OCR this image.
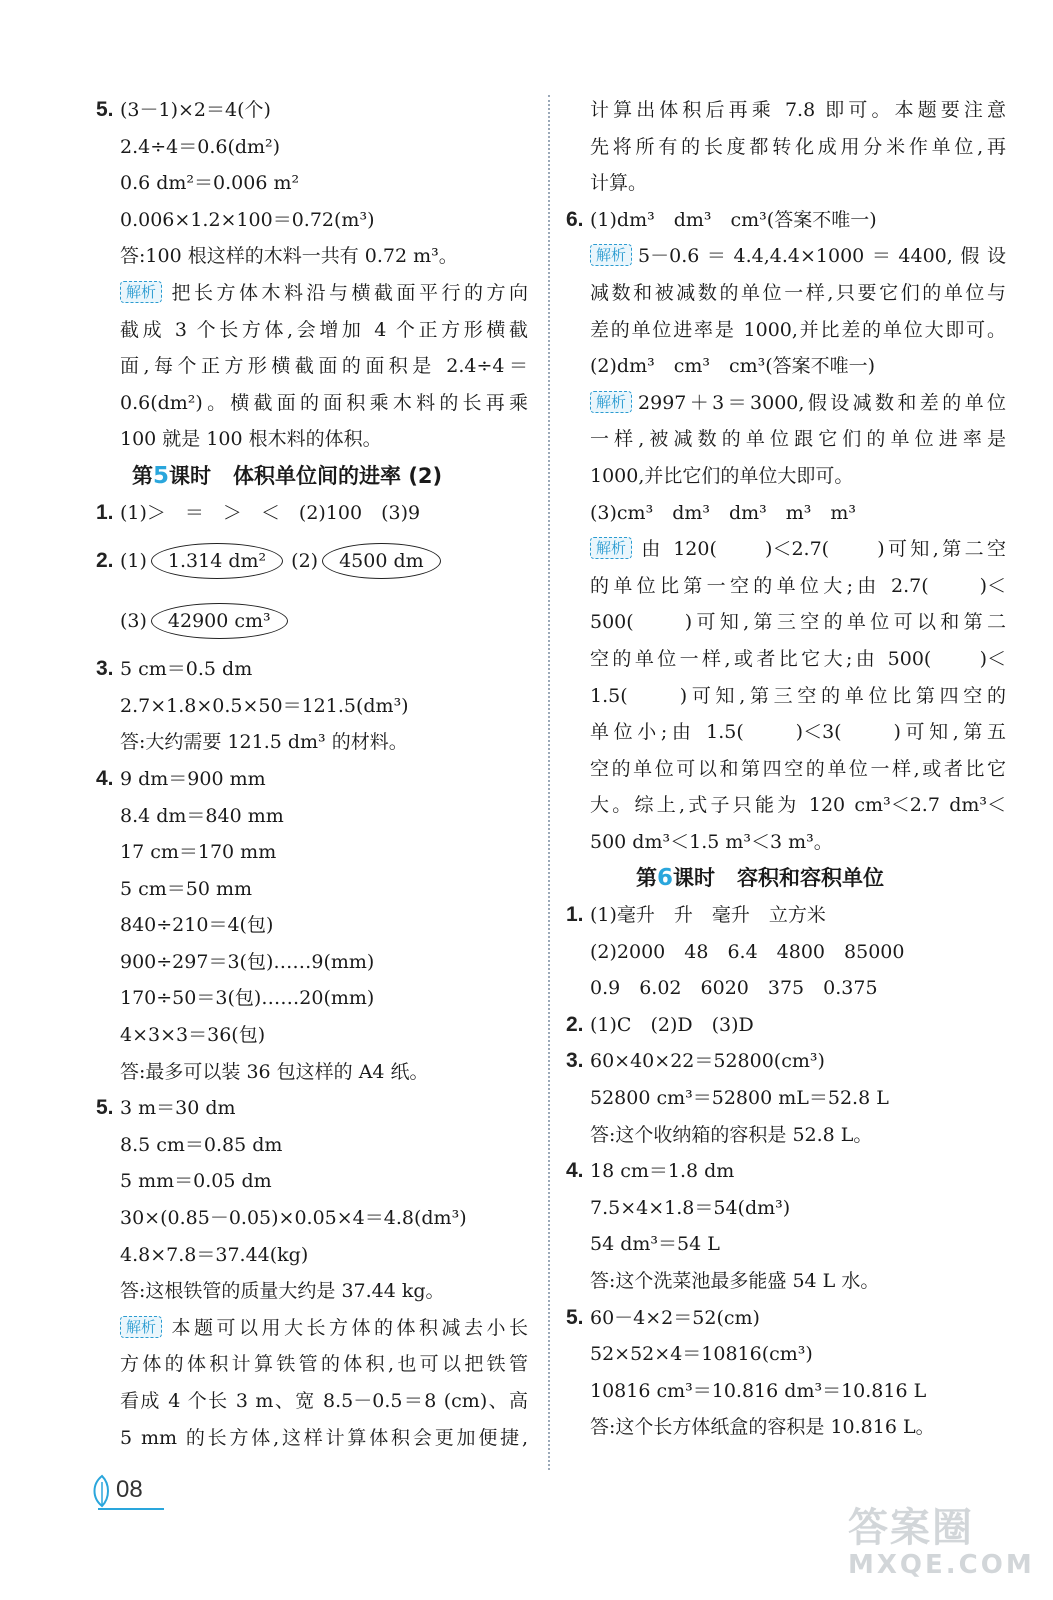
5. (3－1)×2＝4(个)
2.4÷4＝0.6(dm²)
0.6 dm²＝0.006 m²
0.006×1.2×100＝0.72(m³)
答:100 根这样的木料一共有 0.72 m³。
解析 把长方体木料沿与横截面平行的方向
截成 3 个长方体,会增加 4 个正方形横截
面,每个正方形横截面的面积是 2.4÷4＝
0.6(dm²)。横截面的面积乘木料的长再乘
100 就是 100 根木料的体积。
第5课时 体积单位间的进率 (2)
1. (1)＞　＝　＞　＜　(2)100　(3)9
2. (1) 1.314 dm² (2) 4500 dm
(3) 42900 cm³
3. 5 cm＝0.5 dm
2.7×1.8×0.5×50＝121.5(dm³)
答:大约需要 121.5 dm³ 的材料。
4. 9 dm＝900 mm
8.4 dm＝840 mm
17 cm＝170 mm
5 cm＝50 mm
840÷210＝4(包)
900÷297＝3(包)……9(mm)
170÷50＝3(包)……20(mm)
4×3×3＝36(包)
答:最多可以装 36 包这样的 A4 纸。
5. 3 m＝30 dm
8.5 cm＝0.85 dm
5 mm＝0.05 dm
30×(0.85－0.05)×0.05×4＝4.8(dm³)
4.8×7.8＝37.44(kg)
答:这根铁管的质量大约是 37.44 kg。
解析 本题可以用大长方体的体积减去小长
方体的体积计算铁管的体积,也可以把铁管
看成 4 个长 3 m、宽 8.5－0.5＝8 (cm)、高
5 mm 的长方体,这样计算体积会更加便捷,
计算出体积后再乘 7.8 即可。本题要注意
先将所有的长度都转化成用分米作单位,再
计算。
6. (1)dm³　dm³　cm³(答案不唯一)
解析 5－0.6＝4.4,4.4×1000＝4400,假设
减数和被减数的单位一样,只要它们的单位与
差的单位进率是 1000,并比差的单位大即可。
(2)dm³　cm³　cm³(答案不唯一)
解析 2997＋3＝3000,假设减数和差的单位
一样,被减数的单位跟它们的单位进率是
1000,并比它们的单位大即可。
(3)cm³　dm³　dm³　m³　m³
解析 由 120(　　)＜2.7(　　)可知,第二空
的单位比第一空的单位大;由 2.7(　　)＜
500(　　)可知,第三空的单位可以和第二
空的单位一样,或者比它大;由 500(　　)＜
1.5(　　)可知,第三空的单位比第四空的
单位小;由 1.5(　　)＜3(　　)可知,第五
空的单位可以和第四空的单位一样,或者比它
大。综上,式子只能为 120 cm³＜2.7 dm³＜
500 dm³＜1.5 m³＜3 m³。
第6课时 容积和容积单位
1. (1)毫升　升　毫升　立方米
(2)2000　48　6.4　4800　85000
0.9　6.02　6020　375　0.375
2. (1)C　(2)D　(3)D
3. 60×40×22＝52800(cm³)
52800 cm³＝52800 mL＝52.8 L
答:这个收纳箱的容积是 52.8 L。
4. 18 cm＝1.8 dm
7.5×4×1.8＝54(dm³)
54 dm³＝54 L
答:这个洗菜池最多能盛 54 L 水。
5. 60－4×2＝52(cm)
52×52×4＝10816(cm³)
10816 cm³＝10.816 dm³＝10.816 L
答:这个长方体纸盒的容积是 10.816 L。
08
答案圈
MXQE.COM
